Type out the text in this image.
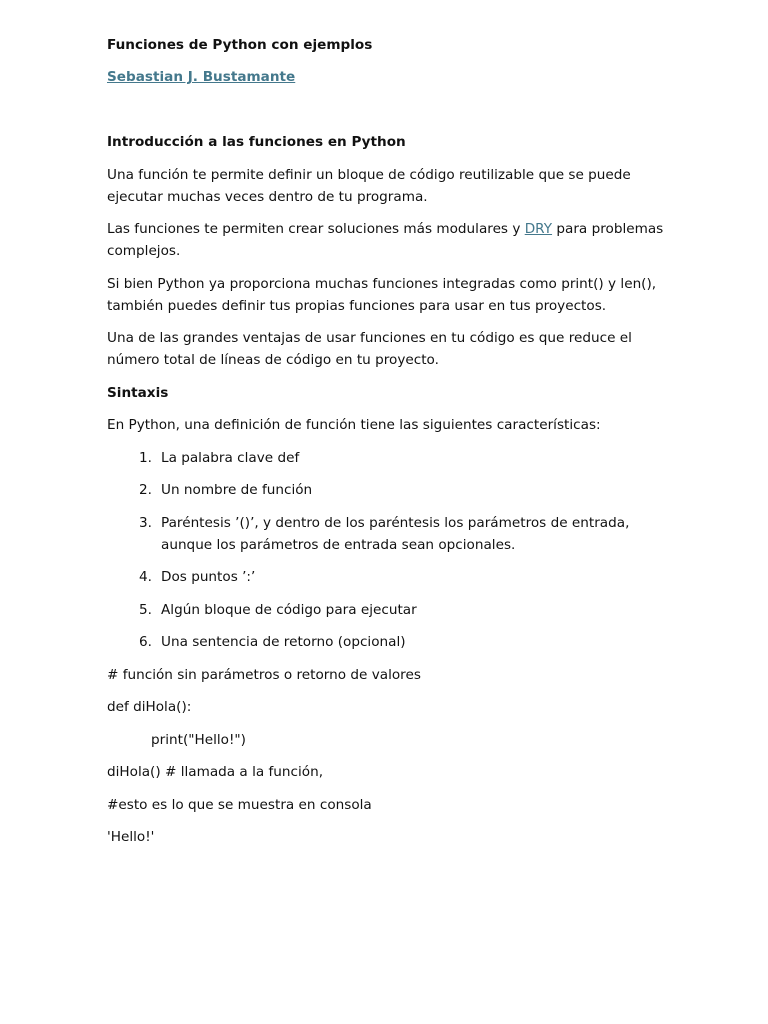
Funciones de Python con ejemplos

Sebastian J. Bustamante

Introducción a las funciones en Python

Una función te permite definir un bloque de código reutilizable que se puede ejecutar muchas veces dentro de tu programa.

Las funciones te permiten crear soluciones más modulares y DRY para problemas complejos.

Si bien Python ya proporciona muchas funciones integradas como print() y len(), también puedes definir tus propias funciones para usar en tus proyectos.

Una de las grandes ventajas de usar funciones en tu código es que reduce el número total de líneas de código en tu proyecto.

Sintaxis

En Python, una definición de función tiene las siguientes características:

1. La palabra clave def
2. Un nombre de función
3. Paréntesis ’()’, y dentro de los paréntesis los parámetros de entrada, aunque los parámetros de entrada sean opcionales.
4. Dos puntos ’:’
5. Algún bloque de código para ejecutar
6. Una sentencia de retorno (opcional)

# función sin parámetros o retorno de valores

def diHola():

print("Hello!")

diHola() # llamada a la función,

#esto es lo que se muestra en consola

'Hello!'
